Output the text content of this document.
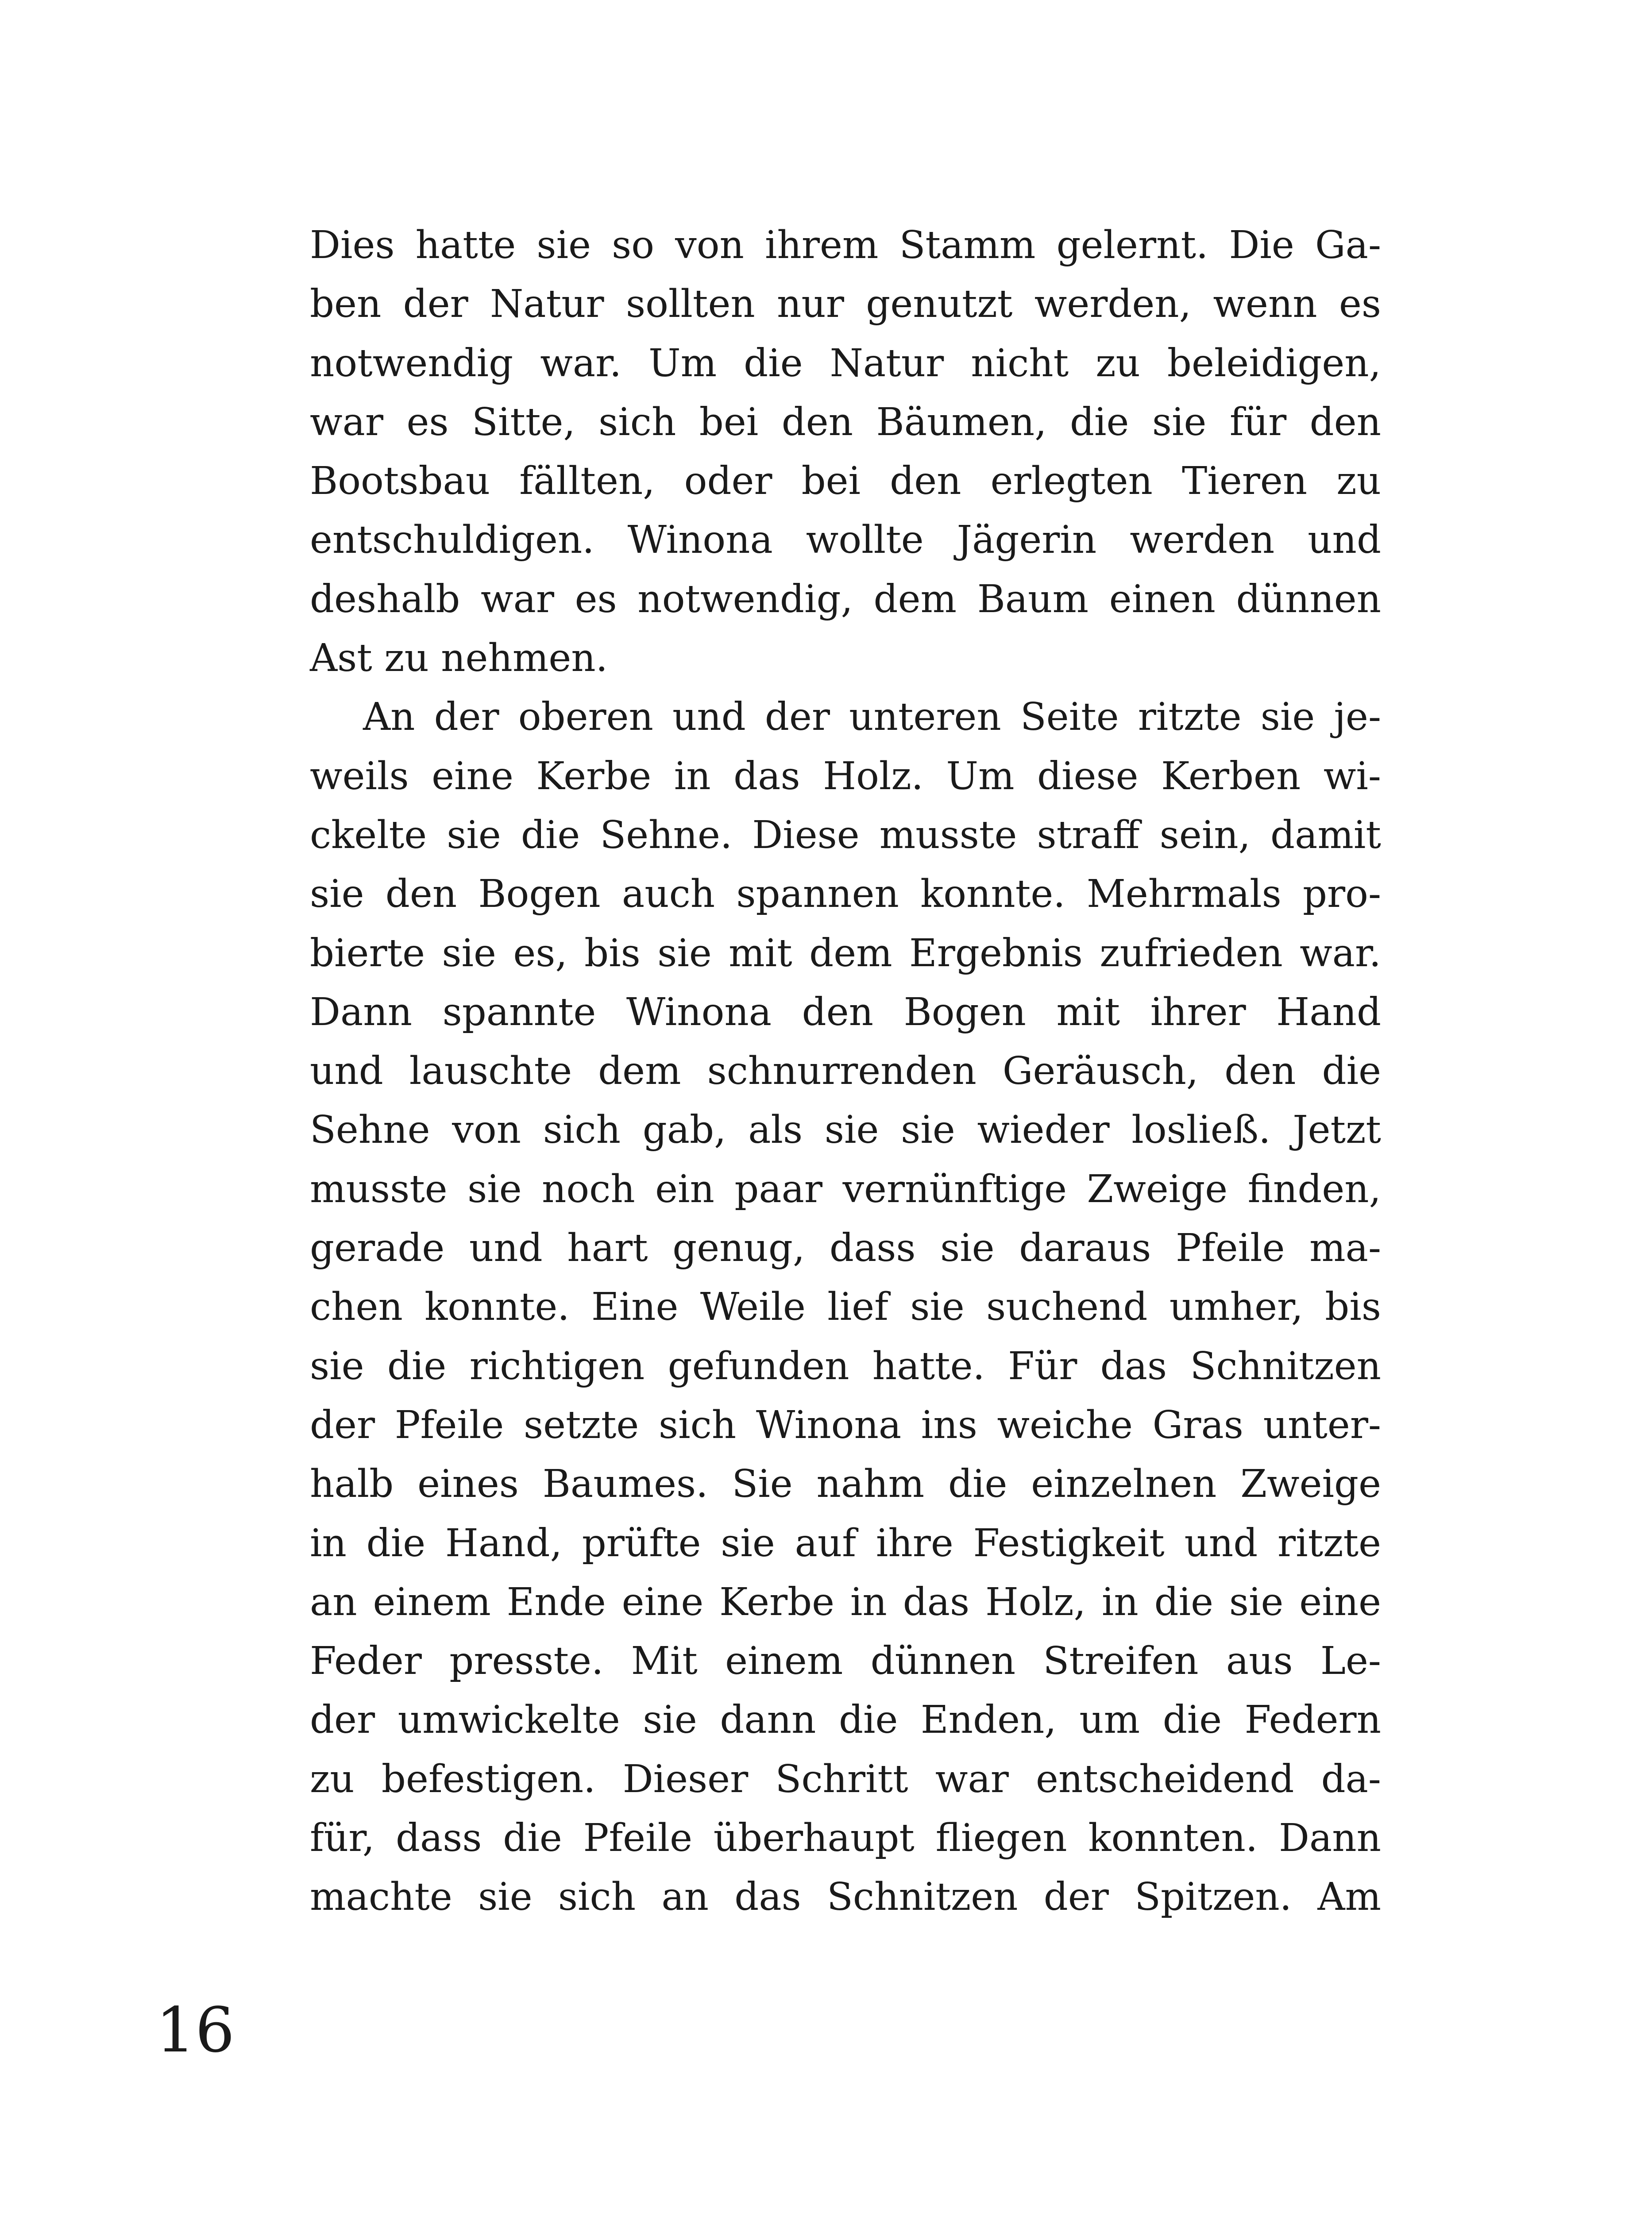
Dies hatte sie so von ihrem Stamm gelernt. Die Ga-
ben der Natur sollten nur genutzt werden, wenn es
notwendig war. Um die Natur nicht zu beleidigen,
war es Sitte, sich bei den Bäumen, die sie für den
Bootsbau fällten, oder bei den erlegten Tieren zu
entschuldigen. Winona wollte Jägerin werden und
deshalb war es notwendig, dem Baum einen dünnen
Ast zu nehmen.
An der oberen und der unteren Seite ritzte sie je-
weils eine Kerbe in das Holz. Um diese Kerben wi-
ckelte sie die Sehne. Diese musste straff sein, damit
sie den Bogen auch spannen konnte. Mehrmals pro-
bierte sie es, bis sie mit dem Ergebnis zufrieden war.
Dann spannte Winona den Bogen mit ihrer Hand
und lauschte dem schnurrenden Geräusch, den die
Sehne von sich gab, als sie sie wieder losließ. Jetzt
musste sie noch ein paar vernünftige Zweige finden,
gerade und hart genug, dass sie daraus Pfeile ma-
chen konnte. Eine Weile lief sie suchend umher, bis
sie die richtigen gefunden hatte. Für das Schnitzen
der Pfeile setzte sich Winona ins weiche Gras unter-
halb eines Baumes. Sie nahm die einzelnen Zweige
in die Hand, prüfte sie auf ihre Festigkeit und ritzte
an einem Ende eine Kerbe in das Holz, in die sie eine
Feder presste. Mit einem dünnen Streifen aus Le-
der umwickelte sie dann die Enden, um die Federn
zu befestigen. Dieser Schritt war entscheidend da-
für, dass die Pfeile überhaupt fliegen konnten. Dann
machte sie sich an das Schnitzen der Spitzen. Am
16
